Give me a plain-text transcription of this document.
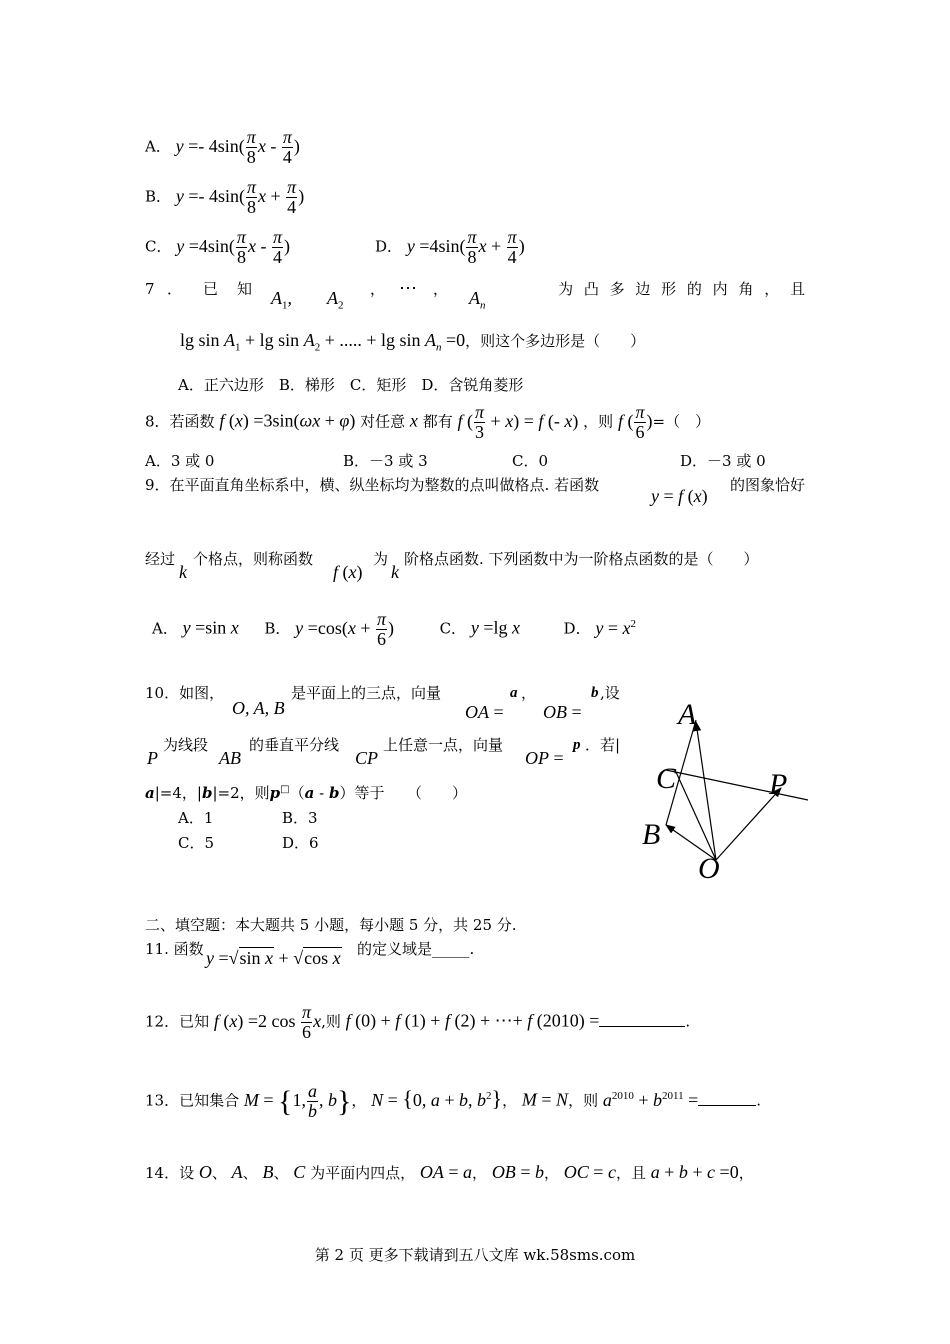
A． $y =- 4\sin( \frac{\pi}{8}$ x - $\frac{\pi}{4}$ )
B． $y =- 4\sin( \frac{\pi}{8}$ $x + \frac{\pi}{4}$ )
C． $y =4\sin( \frac{\pi}{8}$ x - $\frac{\pi}{4}$ )	D． $y =4\sin( \frac{\pi}{8}$ $x + \frac{\pi}{4}$ )
7 ． 已 知 $A_1$, $A_2$
， ⋯ ， $A_n$
为 凸 多 边 形 的 内 角 ， 且
$\lg \sin A_1 + \lg \sin A_2$ + ..... + $\lg \sin A_n =0$，则这个多边形是（　　）
A．正六边形　B．梯形　C．矩形　D．含锐角菱形
8．若函数 f (x) =3sin(ωx + φ) 对任意 x 都有 f ( $\frac{\pi}{3} + x) = f$ (- x) ，则 f ( $\frac{\pi}{6}$ )=（　）
A．3 或 0	B．－3 或 3	C．0	D．－3 或 0
9．在平面直角坐标系中，横、纵坐标均为整数的点叫做格点. 若函数
y = f (x)
的图象恰好
经过
k
个格点，则称函数
f (x)
为
k
阶格点函数. 下列函数中为一阶格点函数的是（　　）
A． y =sin x B． $y =\cos(x + \frac{\pi}{6}$ )	C． y =lg x	D． $y = x^2$
10．如图，
O, A, B
是平面上的三点，向量
OA =
a ，
OB =
b ,设
P
为线段
AB
的垂直平分线
CP
上任意一点，向量
OP =
p ．若|
a|=4，|b|=2，则p□（a - b）等于　　（　　）
A．1	B．3
C．5	D．6
A
C	P
B
O
二、填空题：本大题共 5 小题，每小题 5 分，共 25 分.
11. 函数 y =√sin x + √cos x 的定义域是_____.
12．已知 f (x) =2 $\cos \frac{\pi}{6} x$,则 f (0) + f (1) + f (2) + ⋯+ f (2010) =	.
13．已知集合 M = {1, $\frac{a}{b}$ , b}， N = {0, a + b, $b^2$}， M = N，则 $a^{2010} + b^{2011}$ =	.
14．设 O、 A、 B、 C 为平面内四点， OA = a， OB = b， OC = c，且 a + b + c =0，
第 2 页 更多下载请到五八文库 wk.58sms.com
